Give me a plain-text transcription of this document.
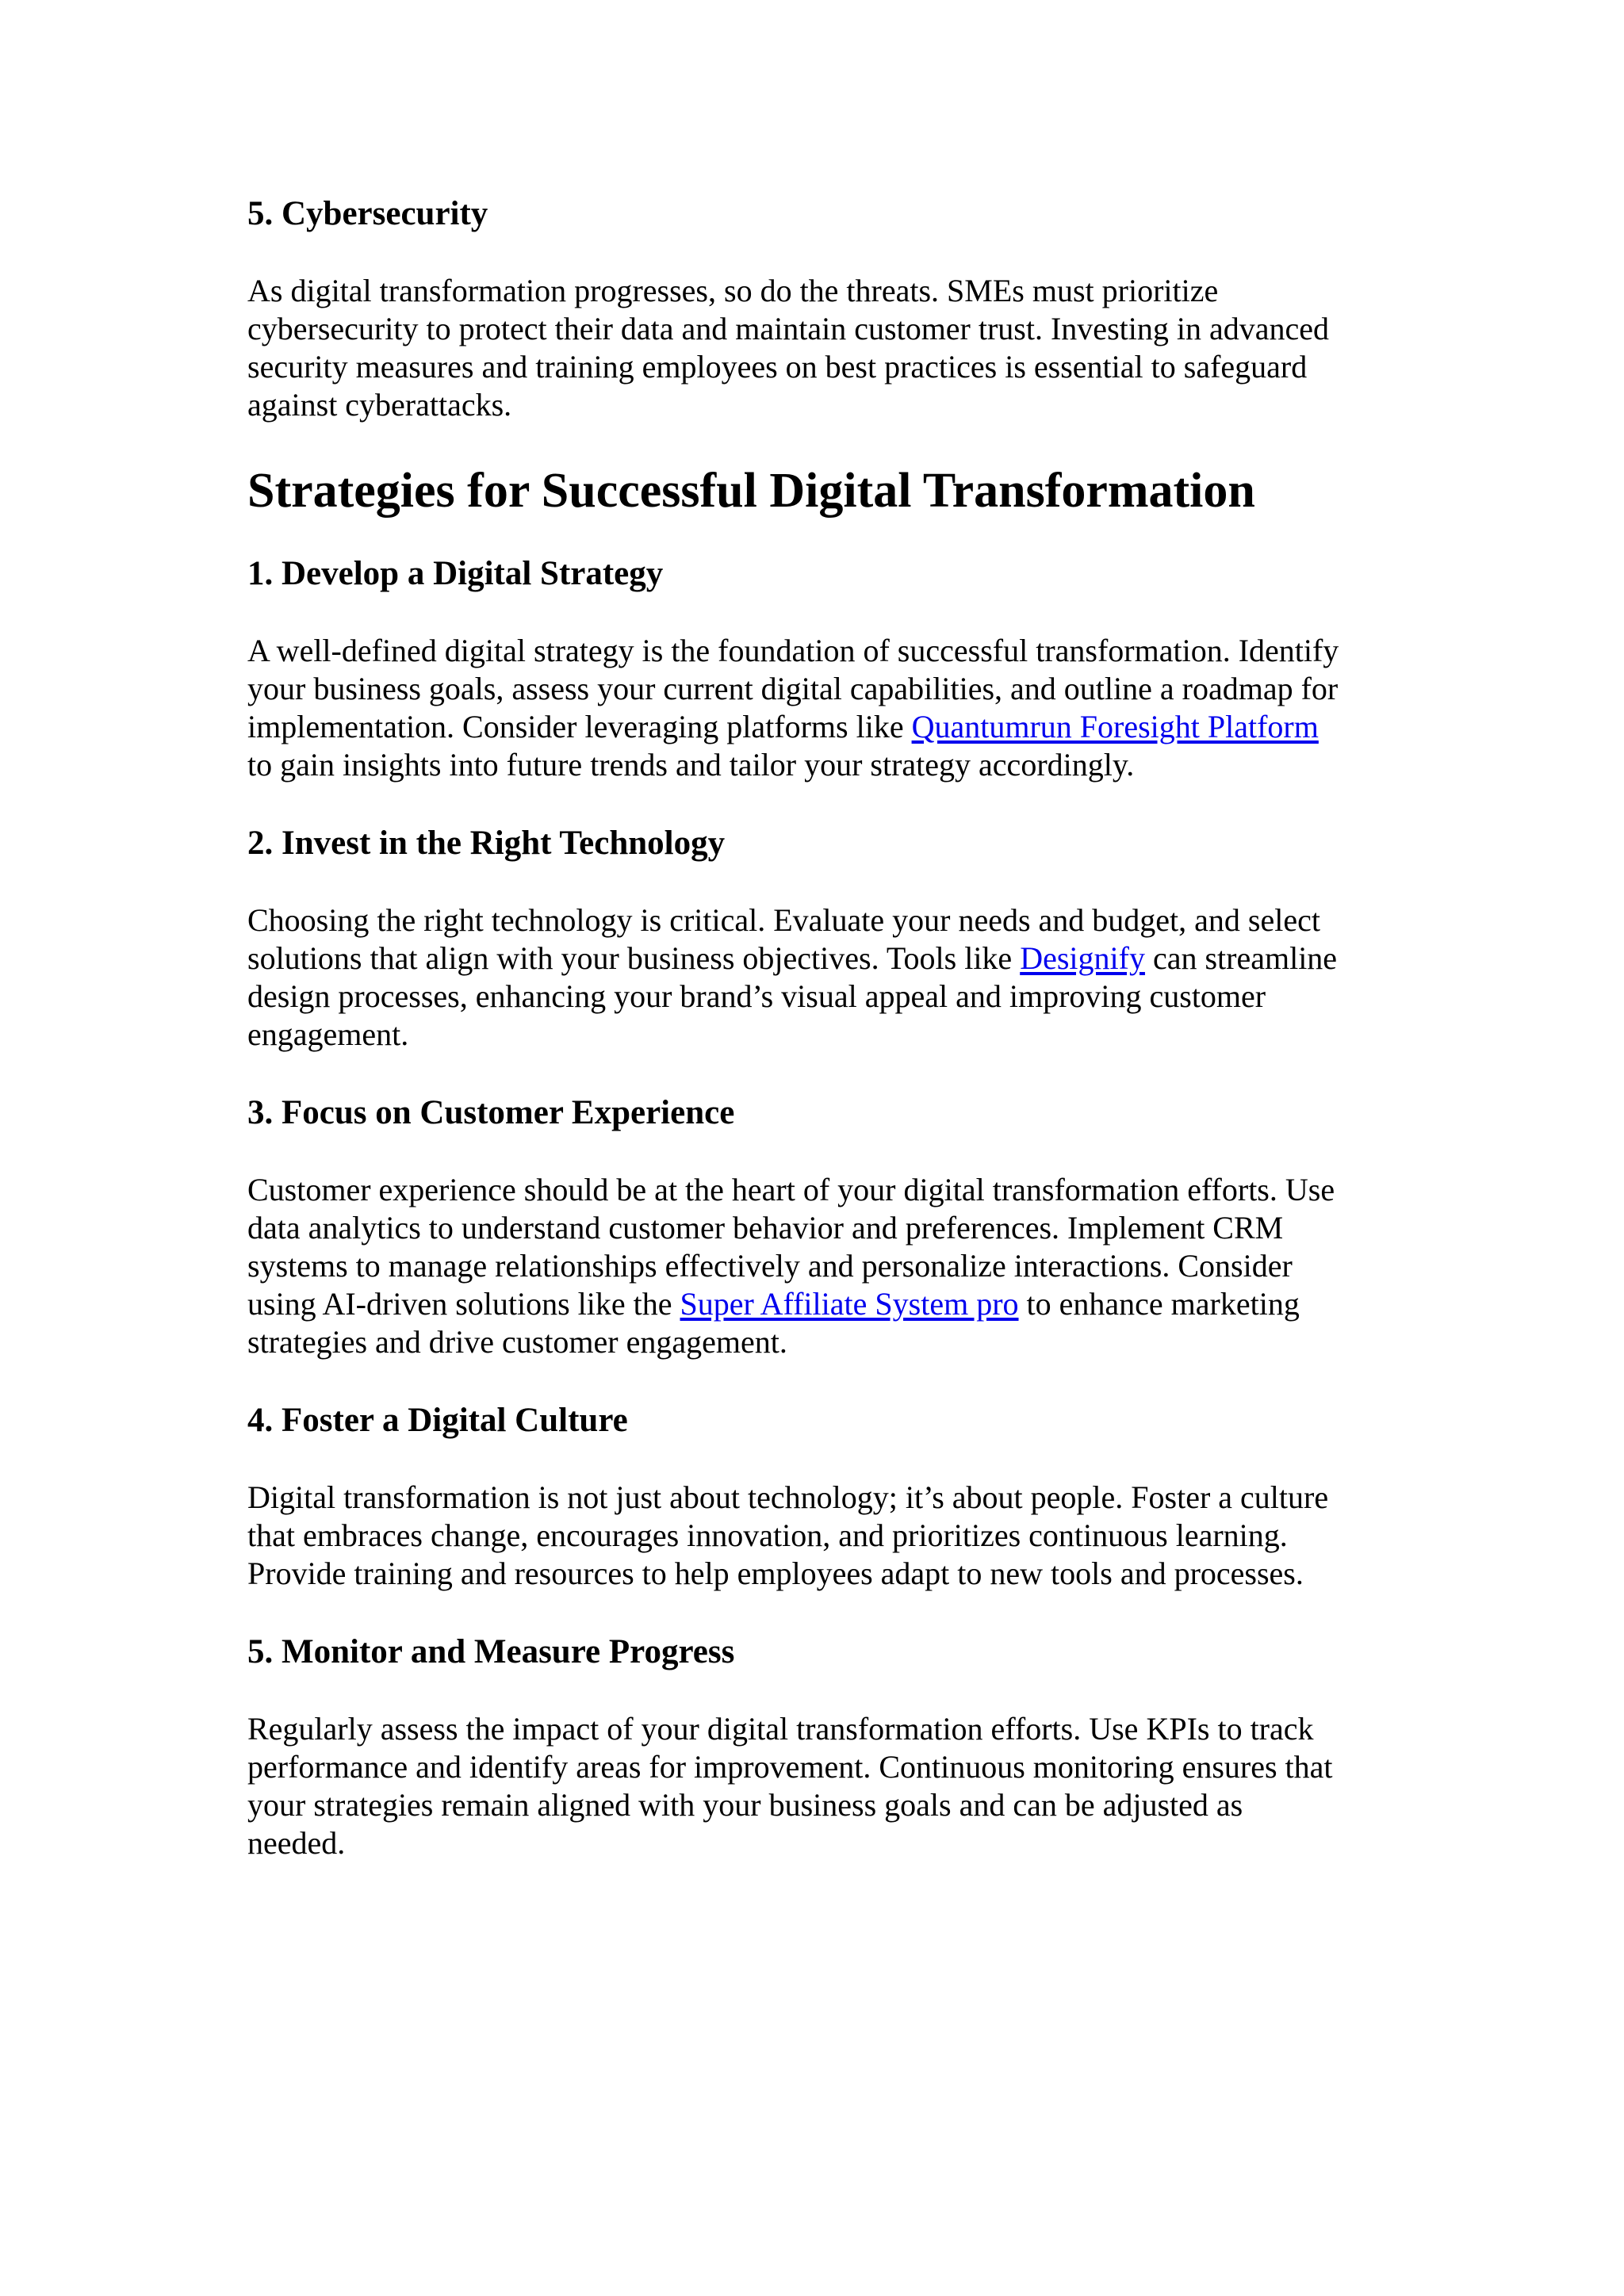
5. Cybersecurity
As digital transformation progresses, so do the threats. SMEs must prioritize
cybersecurity to protect their data and maintain customer trust. Investing in advanced
security measures and training employees on best practices is essential to safeguard
against cyberattacks.
Strategies for Successful Digital Transformation
1. Develop a Digital Strategy
A well-defined digital strategy is the foundation of successful transformation. Identify
your business goals, assess your current digital capabilities, and outline a roadmap for
implementation. Consider leveraging platforms like Quantumrun Foresight Platform
to gain insights into future trends and tailor your strategy accordingly.
2. Invest in the Right Technology
Choosing the right technology is critical. Evaluate your needs and budget, and select
solutions that align with your business objectives. Tools like Designify can streamline
design processes, enhancing your brand’s visual appeal and improving customer
engagement.
3. Focus on Customer Experience
Customer experience should be at the heart of your digital transformation efforts. Use
data analytics to understand customer behavior and preferences. Implement CRM
systems to manage relationships effectively and personalize interactions. Consider
using AI-driven solutions like the Super Affiliate System pro to enhance marketing
strategies and drive customer engagement.
4. Foster a Digital Culture
Digital transformation is not just about technology; it’s about people. Foster a culture
that embraces change, encourages innovation, and prioritizes continuous learning.
Provide training and resources to help employees adapt to new tools and processes.
5. Monitor and Measure Progress
Regularly assess the impact of your digital transformation efforts. Use KPIs to track
performance and identify areas for improvement. Continuous monitoring ensures that
your strategies remain aligned with your business goals and can be adjusted as
needed.
